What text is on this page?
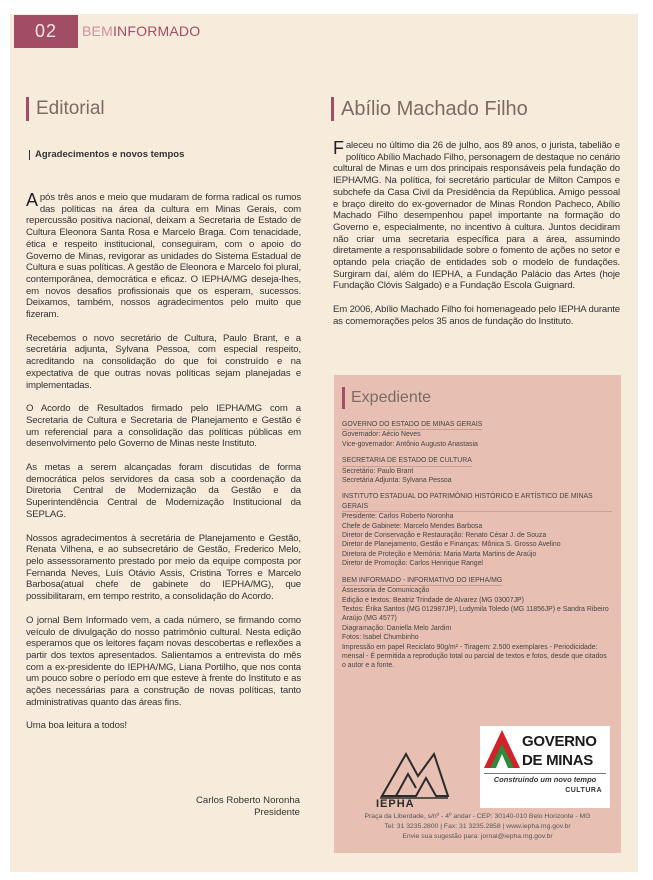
02	BEMINFORMADO
Editorial
Agradecimentos e novos tempos

Após três anos e meio que mudaram de forma radical os rumos das políticas na área da cultura em Minas Gerais, com repercussão positiva nacional, deixam a Secretaria de Estado de Cultura Eleonora Santa Rosa e Marcelo Braga. Com tenacidade, ética e respeito institucional, conseguiram, com o apoio do Governo de Minas, revigorar as unidades do Sistema Estadual de Cultura e suas políticas. A gestão de Eleonora e Marcelo foi plural, contemporânea, democrática e eficaz. O IEPHA/MG deseja-lhes, em novos desafios profissionais que os esperam, sucessos. Deixamos, também, nossos agradecimentos pelo muito que fizeram.

Recebemos o novo secretário de Cultura, Paulo Brant, e a secretária adjunta, Sylvana Pessoa, com especial respeito, acreditando na consolidação do que foi construído e na expectativa de que outras novas políticas sejam planejadas e implementadas.

O Acordo de Resultados firmado pelo IEPHA/MG com a Secretaria de Cultura e Secretaria de Planejamento e Gestão é um referencial para a consolidação das políticas públicas em desenvolvimento pelo Governo de Minas neste Instituto.

As metas a serem alcançadas foram discutidas de forma democrática pelos servidores da casa sob a coordenação da Diretoria Central de Modernização da Gestão e da Superintendência Central de Modernização Institucional da SEPLAG.

Nossos agradecimentos à secretária de Planejamento e Gestão, Renata Vilhena, e ao subsecretário de Gestão, Frederico Melo, pelo assessoramento prestado por meio da equipe composta por Fernanda Neves, Luís Otávio Assis, Cristina Torres e Marcelo Barbosa(atual chefe de gabinete do IEPHA/MG), que possibilitaram, em tempo restrito, a consolidação do Acordo.

O jornal Bem Informado vem, a cada número, se firmando como veículo de divulgação do nosso patrimônio cultural. Nesta edição esperamos que os leitores façam novas descobertas e reflexões a partir dos textos apresentados. Salientamos a entrevista do mês com a ex-presidente do IEPHA/MG, Liana Portilho, que nos conta um pouco sobre o período em que esteve à frente do Instituto e as ações necessárias para a construção de novas políticas, tanto administrativas quanto das áreas fins.

Uma boa leitura a todos!

Carlos Roberto Noronha
Presidente
Abílio Machado Filho

Faleceu no último dia 26 de julho, aos 89 anos, o jurista, tabelião e político Abílio Machado Filho, personagem de destaque no cenário cultural de Minas e um dos principais responsáveis pela fundação do IEPHA/MG. Na política, foi secretário particular de Milton Campos e subchefe da Casa Civil da Presidência da República. Amigo pessoal e braço direito do ex-governador de Minas Rondon Pacheco, Abílio Machado Filho desempenhou papel importante na formação do Governo e, especialmente, no incentivo à cultura. Juntos decidiram não criar uma secretaria específica para a área, assumindo diretamente a responsabilidade sobre o fomento de ações no setor e optando pela criação de entidades sob o modelo de fundações. Surgiram daí, além do IEPHA, a Fundação Palácio das Artes (hoje Fundação Clóvis Salgado) e a Fundação Escola Guignard.

Em 2006, Abílio Machado Filho foi homenageado pelo IEPHA durante as comemorações pelos 35 anos de fundação do Instituto.

Expediente
GOVERNO DO ESTADO DE MINAS GERAIS
Governador: Aécio Neves
Vice-governador: Antônio Augusto Anastasia
SECRETARIA DE ESTADO DE CULTURA
Secretário: Paulo Brant
Secretária Adjunta: Sylvana Pessoa
INSTITUTO ESTADUAL DO PATRIMÔNIO HISTÓRICO E ARTÍSTICO DE MINAS GERAIS
Presidente: Carlos Roberto Noronha
Chefe de Gabinete: Marcelo Mendes Barbosa
Diretor de Conservação e Restauração: Renato César J. de Souza
Diretor de Planejamento, Gestão e Finanças: Mônica S. Grosso Avelino
Diretora de Proteção e Memória: Maria Marta Martins de Araújo
Diretor de Promoção: Carlos Henrique Rangel
BEM INFORMADO - INFORMATIVO DO IEPHA/MG
Assessoria de Comunicação
Edição e textos: Beatriz Trindade de Alvarez (MG 03007JP)
Textos: Érika Santos (MG 012987JP), Ludymila Toledo (MG 11856JP) e Sandra Ribeiro Araújo (MG 4577)
Diagramação: Daniella Melo Jardim
Fotos: Isabel Chumbinho
Impressão em papel Reciclato 90g/m² - Tiragem: 2.500 exemplares - Periodicidade: mensal - É permitida a reprodução total ou parcial de textos e fotos, desde que citados o autor e a fonte.
IEPHA
GOVERNO
DE MINAS
Construindo um novo tempo
CULTURA
Praça da Liberdade, s/nº - 4º andar - CEP: 30140-010 Belo Horizonte - MG
Tel: 31 3235.2800 | Fax: 31 3235.2858 | www.iepha.mg.gov.br
Envie sua sugestão para: jornal@iepha.mg.gov.br
